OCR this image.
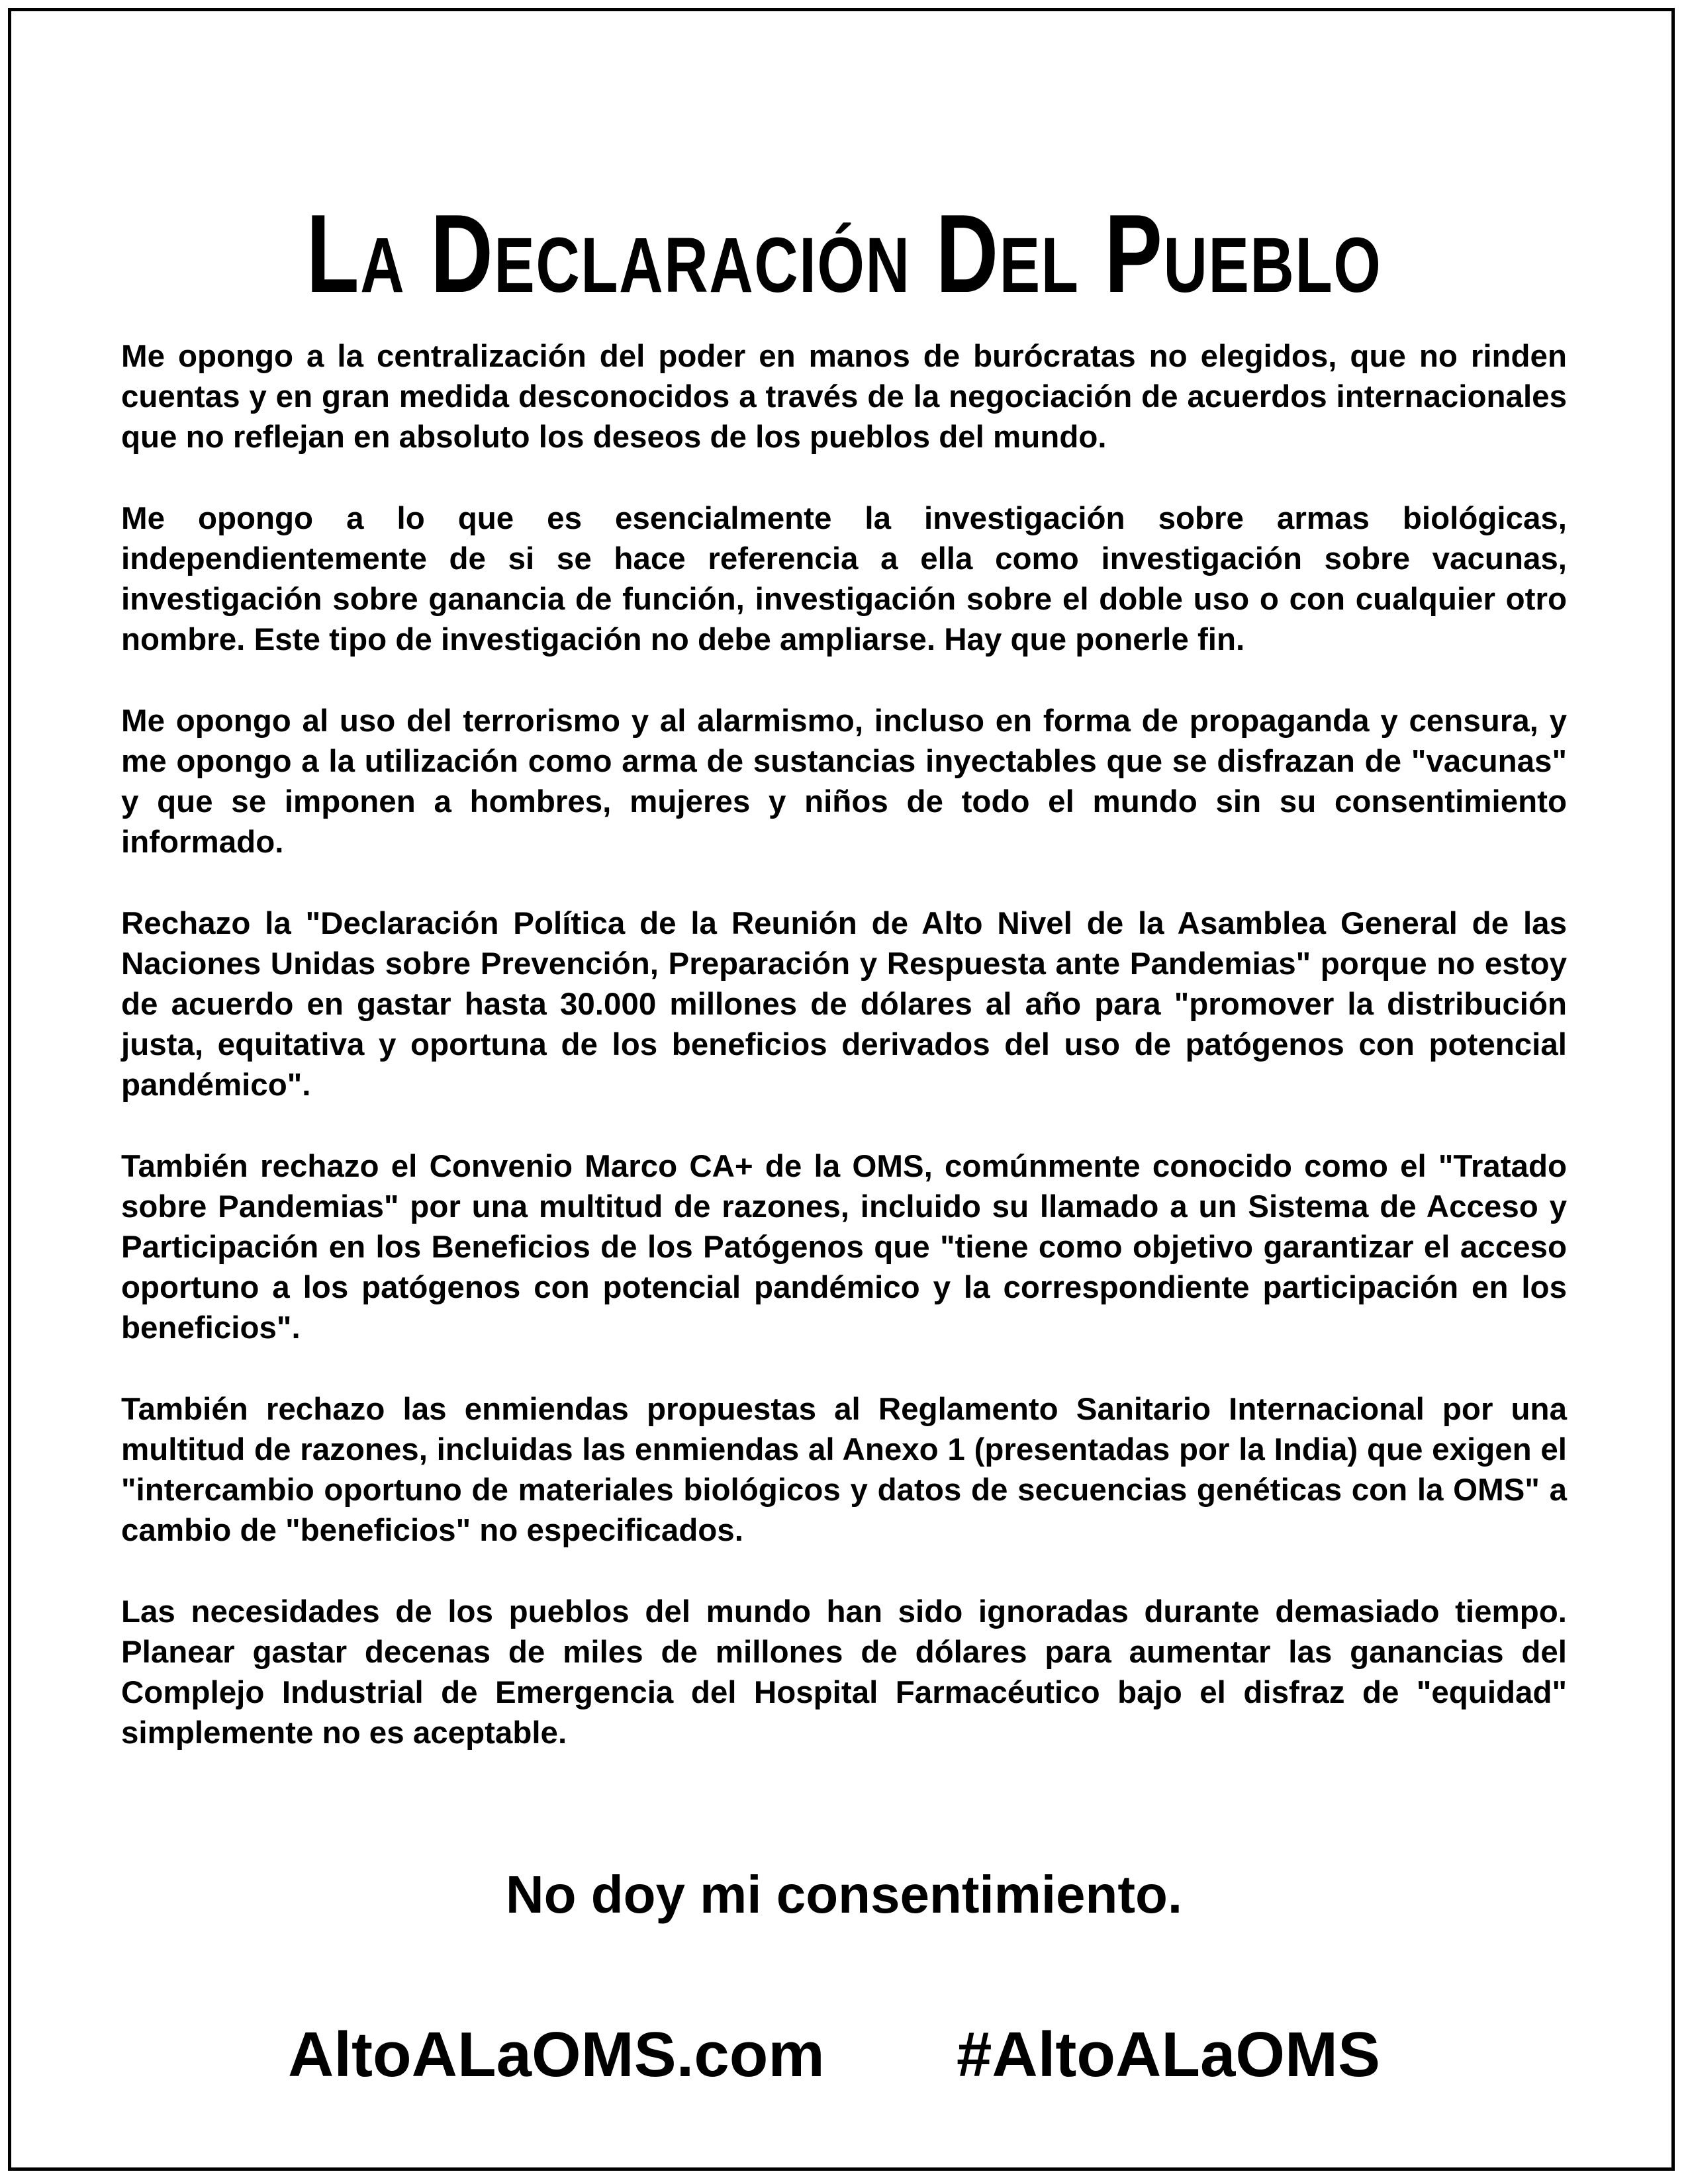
LA DECLARACIÓN DEL PUEBLO

Me opongo a la centralización del poder en manos de burócratas no elegidos, que no rinden cuentas y en gran medida desconocidos a través de la negociación de acuerdos internacionales que no reflejan en absoluto los deseos de los pueblos del mundo.

Me opongo a lo que es esencialmente la investigación sobre armas biológicas, independientemente de si se hace referencia a ella como investigación sobre vacunas, investigación sobre ganancia de función, investigación sobre el doble uso o con cualquier otro nombre. Este tipo de investigación no debe ampliarse. Hay que ponerle fin.

Me opongo al uso del terrorismo y al alarmismo, incluso en forma de propaganda y censura, y me opongo a la utilización como arma de sustancias inyectables que se disfrazan de "vacunas" y que se imponen a hombres, mujeres y niños de todo el mundo sin su consentimiento informado.

Rechazo la "Declaración Política de la Reunión de Alto Nivel de la Asamblea General de las Naciones Unidas sobre Prevención, Preparación y Respuesta ante Pandemias" porque no estoy de acuerdo en gastar hasta 30.000 millones de dólares al año para "promover la distribución justa, equitativa y oportuna de los beneficios derivados del uso de patógenos con potencial pandémico".

También rechazo el Convenio Marco CA+ de la OMS, comúnmente conocido como el "Tratado sobre Pandemias" por una multitud de razones, incluido su llamado a un Sistema de Acceso y Participación en los Beneficios de los Patógenos que "tiene como objetivo garantizar el acceso oportuno a los patógenos con potencial pandémico y la correspondiente participación en los beneficios".

También rechazo las enmiendas propuestas al Reglamento Sanitario Internacional por una multitud de razones, incluidas las enmiendas al Anexo 1 (presentadas por la India) que exigen el "intercambio oportuno de materiales biológicos y datos de secuencias genéticas con la OMS" a cambio de "beneficios" no especificados.

Las necesidades de los pueblos del mundo han sido ignoradas durante demasiado tiempo. Planear gastar decenas de miles de millones de dólares para aumentar las ganancias del Complejo Industrial de Emergencia del Hospital Farmacéutico bajo el disfraz de "equidad" simplemente no es aceptable.

No doy mi consentimiento.
AltoALaOMS.com #AltoALaOMS
